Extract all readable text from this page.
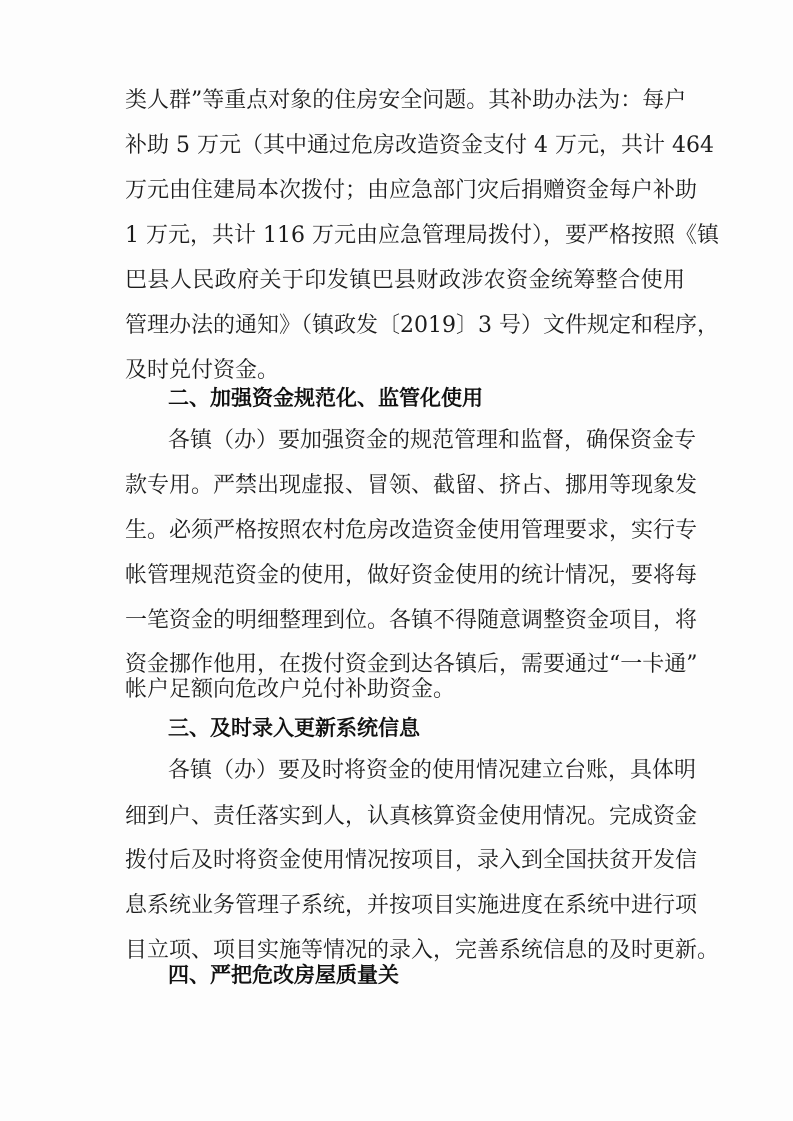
类人群”等重点对象的住房安全问题。其补助办法为：每户
补助 5 万元（其中通过危房改造资金支付 4 万元，共计 464
万元由住建局本次拨付；由应急部门灾后捐赠资金每户补助
1 万元，共计 116 万元由应急管理局拨付），要严格按照《镇
巴县人民政府关于印发镇巴县财政涉农资金统筹整合使用
管理办法的通知》（镇政发〔2019〕3 号）文件规定和程序，
及时兑付资金。
二、加强资金规范化、监管化使用
各镇（办）要加强资金的规范管理和监督，确保资金专
款专用。严禁出现虚报、冒领、截留、挤占、挪用等现象发
生。必须严格按照农村危房改造资金使用管理要求，实行专
帐管理规范资金的使用，做好资金使用的统计情况，要将每
一笔资金的明细整理到位。各镇不得随意调整资金项目，将
资金挪作他用，在拨付资金到达各镇后，需要通过“一卡通”
帐户足额向危改户兑付补助资金。
三、及时录入更新系统信息
各镇（办）要及时将资金的使用情况建立台账，具体明
细到户、责任落实到人，认真核算资金使用情况。完成资金
拨付后及时将资金使用情况按项目，录入到全国扶贫开发信
息系统业务管理子系统，并按项目实施进度在系统中进行项
目立项、项目实施等情况的录入，完善系统信息的及时更新。
四、严把危改房屋质量关
